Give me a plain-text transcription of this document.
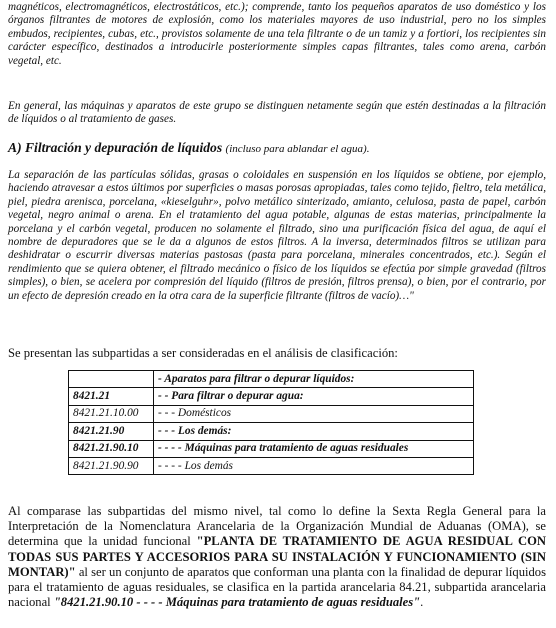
magnéticos, electromagnéticos, electrostáticos, etc.); comprende, tanto los pequeños aparatos de uso doméstico y los órganos filtrantes de motores de explosión, como los materiales mayores de uso industrial, pero no los simples embudos, recipientes, cubas, etc., provistos solamente de una tela filtrante o de un tamiz y a fortiori, los recipientes sin carácter específico, destinados a introducirle posteriormente simples capas filtrantes, tales como arena, carbón vegetal, etc.

En general, las máquinas y aparatos de este grupo se distinguen netamente según que estén destinadas a la filtración de líquidos o al tratamiento de gases.

A) Filtración y depuración de líquidos (incluso para ablandar el agua).

La separación de las partículas sólidas, grasas o coloidales en suspensión en los líquidos se obtiene, por ejemplo, haciendo atravesar a estos últimos por superficies o masas porosas apropiadas, tales como tejido, fieltro, tela metálica, piel, piedra arenisca, porcelana, «kieselguhr», polvo metálico sinterizado, amianto, celulosa, pasta de papel, carbón vegetal, negro animal o arena. En el tratamiento del agua potable, algunas de estas materias, principalmente la porcelana y el carbón vegetal, producen no solamente el filtrado, sino una purificación física del agua, de aquí el nombre de depuradores que se le da a algunos de estos filtros. A la inversa, determinados filtros se utilizan para deshidratar o escurrir diversas materias pastosas (pasta para porcelana, minerales concentrados, etc.). Según el rendimiento que se quiera obtener, el filtrado mecánico o físico de los líquidos se efectúa por simple gravedad (filtros simples), o bien, se acelera por compresión del líquido (filtros de presión, filtros prensa), o bien, por el contrario, por un efecto de depresión creado en la otra cara de la superficie filtrante (filtros de vacío)…"

Se presentan las subpartidas a ser consideradas en el análisis de clasificación:

	- Aparatos para filtrar o depurar líquidos:
8421.21	- - Para filtrar o depurar agua:
8421.21.10.00	- - - Domésticos
8421.21.90	- - - Los demás:
8421.21.90.10	- - - - Máquinas para tratamiento de aguas residuales
8421.21.90.90	- - - - Los demás

Al comparase las subpartidas del mismo nivel, tal como lo define la Sexta Regla General para la Interpretación de la Nomenclatura Arancelaria de la Organización Mundial de Aduanas (OMA), se determina que la unidad funcional "PLANTA DE TRATAMIENTO DE AGUA RESIDUAL CON TODAS SUS PARTES Y ACCESORIOS PARA SU INSTALACIÓN Y FUNCIONAMIENTO (SIN MONTAR)" al ser un conjunto de aparatos que conforman una planta con la finalidad de depurar líquidos para el tratamiento de aguas residuales, se clasifica en la partida arancelaria 84.21, subpartida arancelaria nacional "8421.21.90.10 - - - - Máquinas para tratamiento de aguas residuales".
